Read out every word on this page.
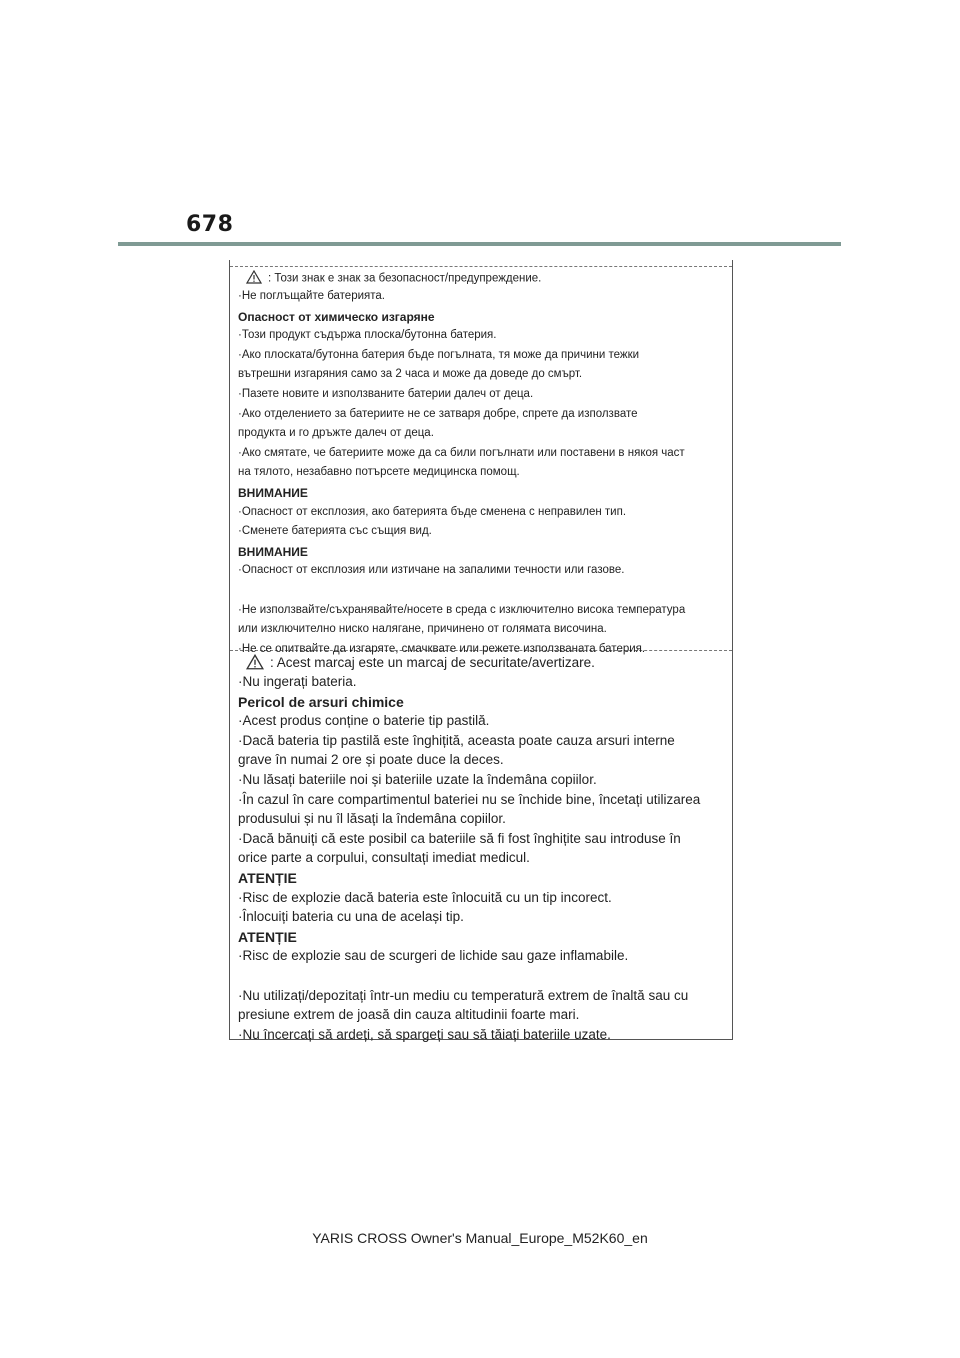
678
: Този знак е знак за безопасност/предупреждение.
·Не поглъщайте батерията.
Опасност от химическо изгаряне
·Този продукт съдържа плоска/бутонна батерия.
·Ако плоската/бутонна батерия бъде погълната, тя може да причини тежки
вътрешни изгаряния само за 2 часа и може да доведе до смърт.
·Пазете новите и използваните батерии далеч от деца.
·Ако отделението за батериите не се затваря добре, спрете да използвате
продукта и го дръжте далеч от деца.
·Ако смятате, че батериите може да са били погълнати или поставени в някоя част
на тялото, незабавно потърсете медицинска помощ.
ВНИМАНИЕ
·Опасност от експлозия, ако батерията бъде сменена с неправилен тип.
·Сменете батерията със същия вид.
ВНИМАНИЕ
·Опасност от експлозия или изтичане на запалими течности или газове.
·Не използвайте/съхранявайте/носете в среда с изключително висока температура
или изключително ниско налягане, причинено от голямата височина.
·Не се опитвайте да изгаряте, смачквате или режете използваната батерия.
: Acest marcaj este un marcaj de securitate/avertizare.
·Nu ingerați bateria.
Pericol de arsuri chimice
·Acest produs conține o baterie tip pastilă.
·Dacă bateria tip pastilă este înghițită, aceasta poate cauza arsuri interne
grave în numai 2 ore și poate duce la deces.
·Nu lăsați bateriile noi și bateriile uzate la îndemâna copiilor.
·În cazul în care compartimentul bateriei nu se închide bine, încetați utilizarea
produsului și nu îl lăsați la îndemâna copiilor.
·Dacă bănuiți că este posibil ca bateriile să fi fost înghițite sau introduse în
orice parte a corpului, consultați imediat medicul.
ATENȚIE
·Risc de explozie dacă bateria este înlocuită cu un tip incorect.
·Înlocuiți bateria cu una de același tip.
ATENȚIE
·Risc de explozie sau de scurgeri de lichide sau gaze inflamabile.
·Nu utilizați/depozitați într-un mediu cu temperatură extrem de înaltă sau cu
presiune extrem de joasă din cauza altitudinii foarte mari.
·Nu încercați să ardeți, să spargeți sau să tăiați bateriile uzate.
YARIS CROSS Owner's Manual_Europe_M52K60_en
